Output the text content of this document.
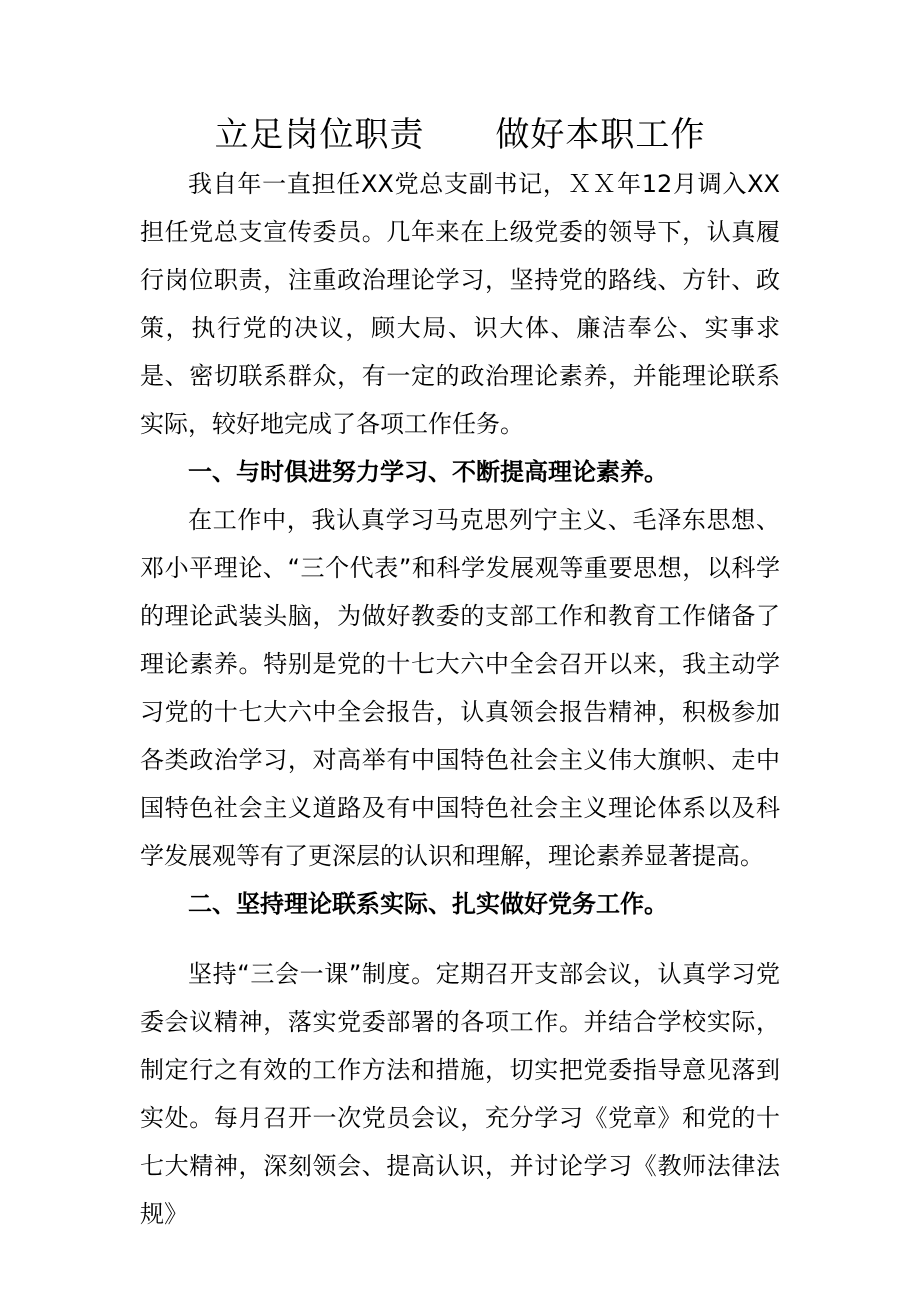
立足岗位职责      做好本职工作
我自年一直担任XX党总支副书记，ＸＸ年12月调入XX担任党总支宣传委员。几年来在上级党委的领导下，认真履行岗位职责，注重政治理论学习，坚持党的路线、方针、政策，执行党的决议，顾大局、识大体、廉洁奉公、实事求是、密切联系群众，有一定的政治理论素养，并能理论联系实际，较好地完成了各项工作任务。
一、与时俱进努力学习、不断提高理论素养。
在工作中，我认真学习马克思列宁主义、毛泽东思想、邓小平理论、“三个代表”和科学发展观等重要思想，以科学的理论武装头脑，为做好教委的支部工作和教育工作储备了理论素养。特别是党的十七大六中全会召开以来，我主动学习党的十七大六中全会报告，认真领会报告精神，积极参加各类政治学习，对高举有中国特色社会主义伟大旗帜、走中国特色社会主义道路及有中国特色社会主义理论体系以及科学发展观等有了更深层的认识和理解，理论素养显著提高。
二、坚持理论联系实际、扎实做好党务工作。
坚持“三会一课”制度。定期召开支部会议，认真学习党委会议精神，落实党委部署的各项工作。并结合学校实际，制定行之有效的工作方法和措施，切实把党委指导意见落到实处。每月召开一次党员会议，充分学习《党章》和党的十七大精神，深刻领会、提高认识，并讨论学习《教师法律法规》
